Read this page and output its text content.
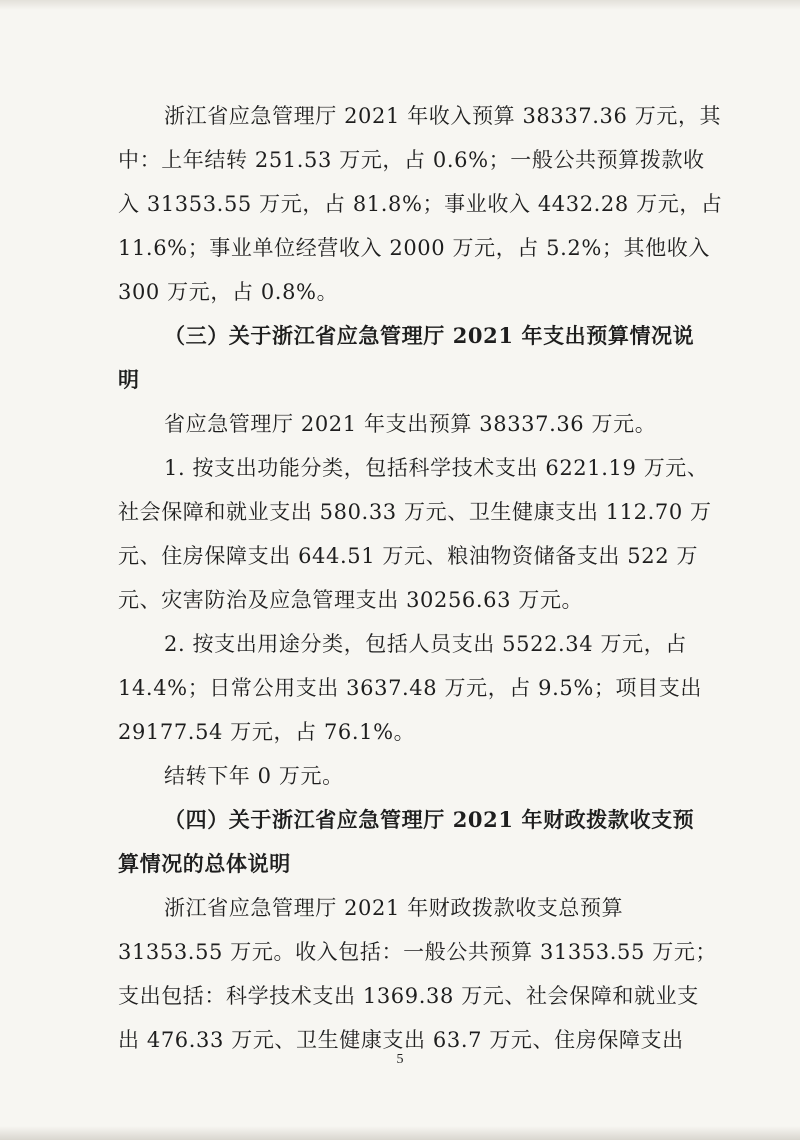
浙江省应急管理厅 2021 年收入预算 38337.36 万元，其
中：上年结转 251.53 万元，占 0.6%；一般公共预算拨款收
入 31353.55 万元，占 81.8%；事业收入 4432.28 万元，占
11.6%；事业单位经营收入 2000 万元，占 5.2%；其他收入
300 万元，占 0.8%。
（三）关于浙江省应急管理厅 2021 年支出预算情况说
明
省应急管理厅 2021 年支出预算 38337.36 万元。
1. 按支出功能分类，包括科学技术支出 6221.19 万元、
社会保障和就业支出 580.33 万元、卫生健康支出 112.70 万
元、住房保障支出 644.51 万元、粮油物资储备支出 522 万
元、灾害防治及应急管理支出 30256.63 万元。
2. 按支出用途分类，包括人员支出 5522.34 万元，占
14.4%；日常公用支出 3637.48 万元，占 9.5%；项目支出
29177.54 万元，占 76.1%。
结转下年 0 万元。
（四）关于浙江省应急管理厅 2021 年财政拨款收支预
算情况的总体说明
浙江省应急管理厅 2021 年财政拨款收支总预算
31353.55 万元。收入包括：一般公共预算 31353.55 万元；
支出包括：科学技术支出 1369.38 万元、社会保障和就业支
出 476.33 万元、卫生健康支出 63.7 万元、住房保障支出
5
